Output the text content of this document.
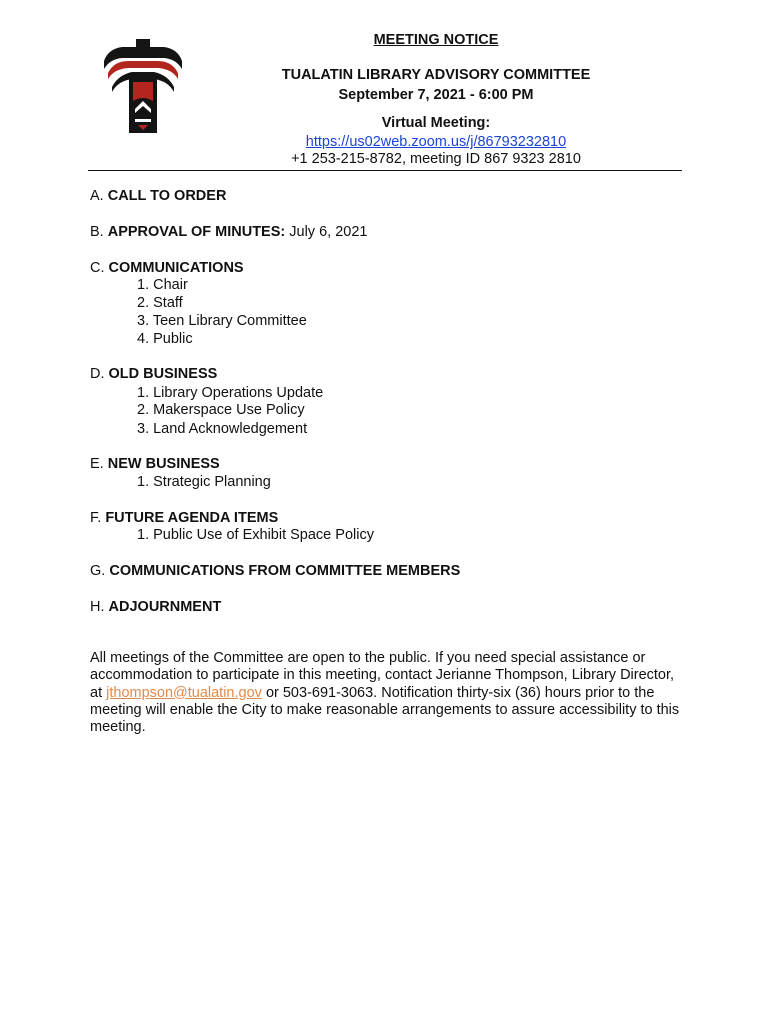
MEETING NOTICE
TUALATIN LIBRARY ADVISORY COMMITTEE
September 7, 2021 - 6:00 PM
Virtual Meeting:
https://us02web.zoom.us/j/86793232810
+1 253-215-8782, meeting ID 867 9323 2810
A. CALL TO ORDER
B. APPROVAL OF MINUTES: July 6, 2021
C. COMMUNICATIONS
1. Chair
2. Staff
3. Teen Library Committee
4. Public
D. OLD BUSINESS
1. Library Operations Update
2. Makerspace Use Policy
3. Land Acknowledgement
E. NEW BUSINESS
1. Strategic Planning
F. FUTURE AGENDA ITEMS
1. Public Use of Exhibit Space Policy
G. COMMUNICATIONS FROM COMMITTEE MEMBERS
H. ADJOURNMENT
All meetings of the Committee are open to the public. If you need special assistance or accommodation to participate in this meeting, contact Jerianne Thompson, Library Director, at jthompson@tualatin.gov or 503-691-3063. Notification thirty-six (36) hours prior to the meeting will enable the City to make reasonable arrangements to assure accessibility to this meeting.
